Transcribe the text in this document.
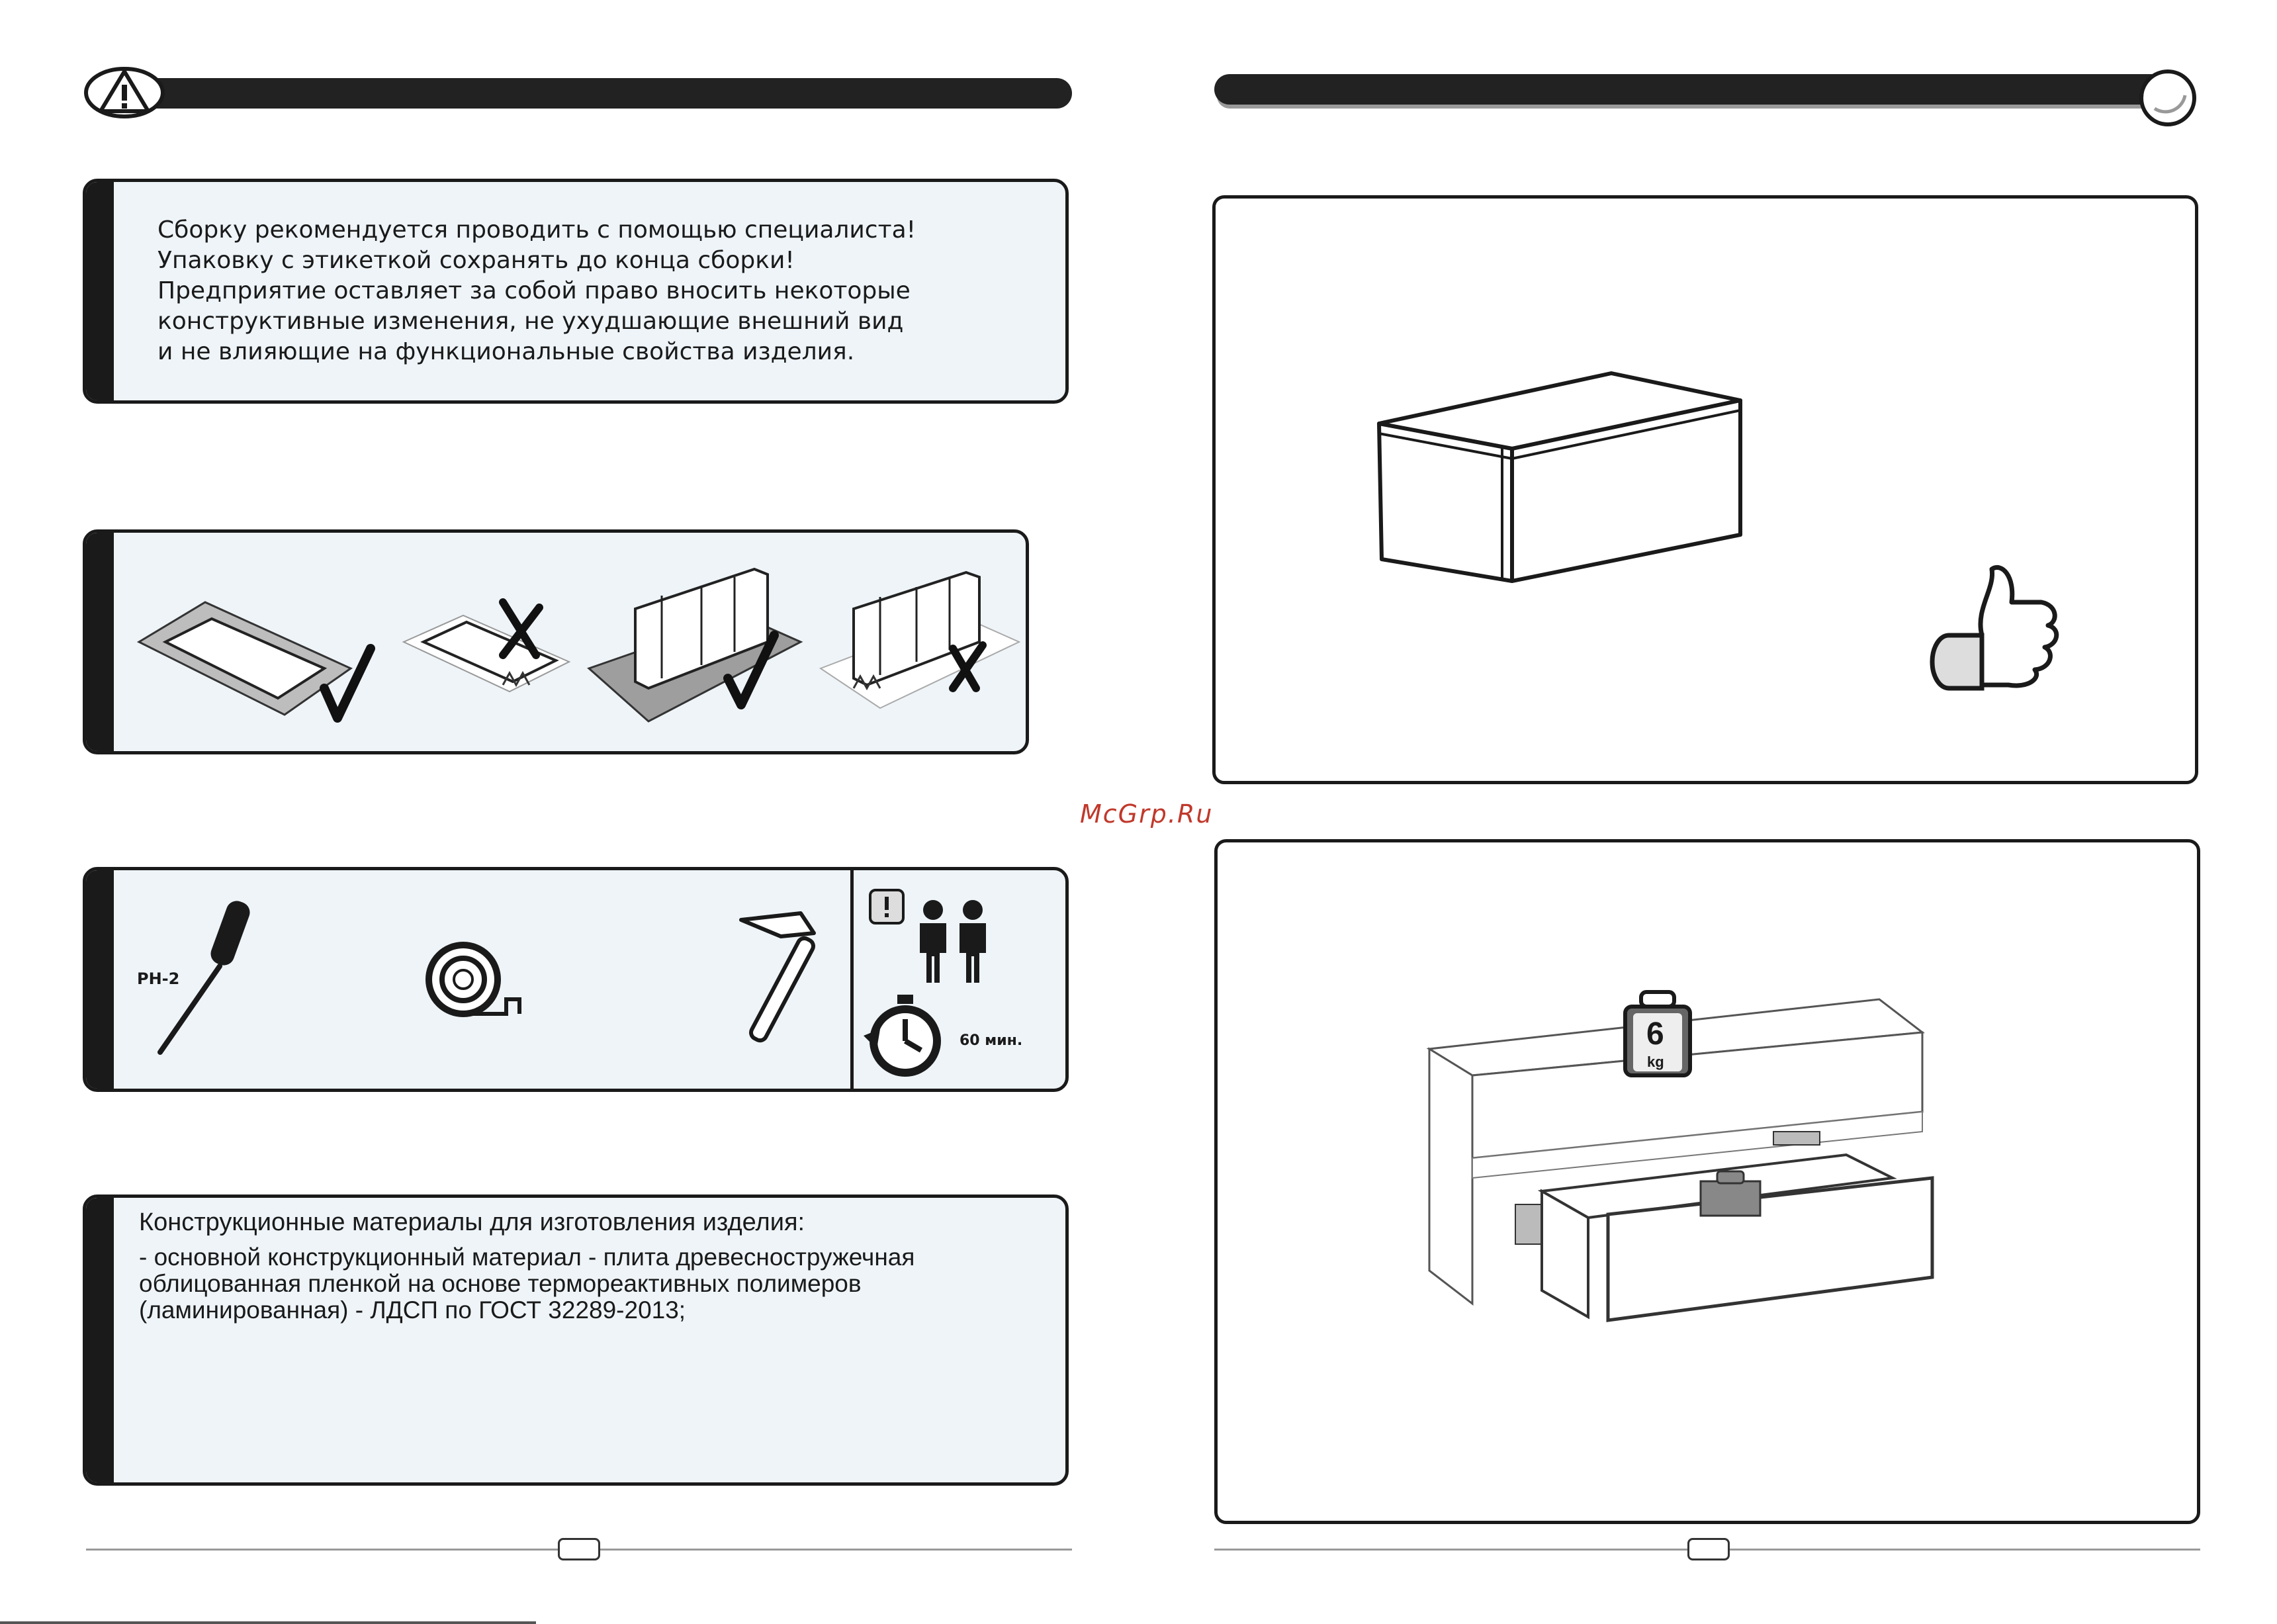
Сборку рекомендуется проводить с помощью специалиста!
Упаковку с этикеткой сохранять до конца сборки!
Предприятие оставляет за собой право вносить некоторые
конструктивные изменения, не ухудшающие внешний вид
и не влияющие на функциональные свойства изделия.
PH-2
60 мин.
Конструкционные материалы для изготовления изделия:
- основной конструкционный материал - плита древесностружечная
облицованная пленкой на основе термореактивных полимеров
(ламинированная) - ЛДСП по ГОСТ 32289-2013;
McGrp.Ru
6
kg
